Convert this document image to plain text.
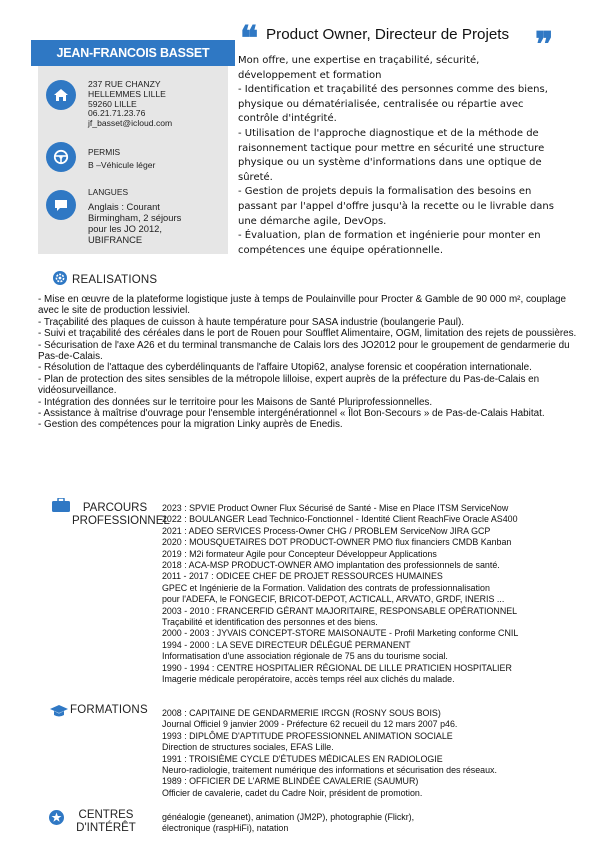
JEAN-FRANCOIS BASSET
237 RUE CHANZY
HELLEMMES LILLE
59260 LILLE
06.21.71.23.76
jf_basset@icloud.com
PERMIS
B –Véhicule léger
LANGUES
Anglais : Courant
Birmingham, 2 séjours
pour les JO 2012,
UBIFRANCE
❝ Product Owner, Directeur de Projets ❞

Mon offre, une expertise en traçabilité, sécurité, développement et formation

- Identification et traçabilité des personnes comme des biens, physique ou dématérialisée, centralisée ou répartie avec contrôle d'intégrité.

- Utilisation de l'approche diagnostique et de la méthode de raisonnement tactique pour mettre en sécurité une structure physique ou un système d'informations dans une optique de sûreté.

- Gestion de projets depuis la formalisation des besoins en passant par l'appel d'offre jusqu'à la recette ou le livrable dans une démarche agile, DevOps.

- Évaluation, plan de formation et ingénierie pour monter en compétences une équipe opérationnelle.

REALISATIONS
- Mise en œuvre de la plateforme logistique juste à temps de Poulainville pour Procter & Gamble de 90 000 m², couplage avec le site de production lessiviel.
- Traçabilité des plaques de cuisson à haute température pour SASA industrie (boulangerie Paul).
- Suivi et traçabilité des céréales dans le port de Rouen pour Soufflet Alimentaire, OGM, limitation des rejets de poussières.
- Sécurisation de l'axe A26 et du terminal transmanche de Calais lors des JO2012 pour le groupement de gendarmerie du Pas-de-Calais.
- Résolution de l'attaque des cyberdélinquants de l'affaire Utopi62, analyse forensic et coopération internationale.
- Plan de protection des sites sensibles de la métropole lilloise, expert auprès de la préfecture du Pas-de-Calais en vidéosurveillance.
- Intégration des données sur le territoire pour les Maisons de Santé Pluriprofessionnelles.
- Assistance à maîtrise d'ouvrage pour l'ensemble intergénérationnel « Îlot Bon-Secours » de Pas-de-Calais Habitat.
- Gestion des compétences pour la migration Linky auprès de Enedis.
PARCOURS
PROFESSIONNEL
2023 : SPVIE Product Owner Flux Sécurisé de Santé - Mise en Place ITSM ServiceNow
2022 : BOULANGER Lead Technico-Fonctionnel - Identité Client ReachFive Oracle AS400
2021 : ADEO SERVICES Process-Owner CHG / PROBLEM ServiceNow JIRA GCP
2020 : MOUSQUETAIRES DOT PRODUCT-OWNER PMO flux financiers CMDB Kanban
2019 : M2i formateur Agile pour Concepteur Développeur Applications
2018 : ACA-MSP PRODUCT-OWNER AMO implantation des professionnels de santé.
2011 - 2017 : ODICEE CHEF DE PROJET RESSOURCES HUMAINES
GPEC et Ingénierie de la Formation. Validation des contrats de professionnalisation
pour l'ADEFA, le FONGECIF, BRICOT-DEPOT, ACTICALL, ARVATO, GRDF, INERIS ...
2003 - 2010 : FRANCERFID GÉRANT MAJORITAIRE, RESPONSABLE OPÉRATIONNEL
Traçabilité et identification des personnes et des biens.
2000 - 2003 : JYVAIS CONCEPT-STORE MAISONAUTE - Profil Marketing conforme CNIL
1994 - 2000 : LA SEVE DIRECTEUR DÉLÉGUÉ PERMANENT
Informatisation d'une association régionale de 75 ans du tourisme social.
1990 - 1994 : CENTRE HOSPITALIER RÉGIONAL DE LILLE PRATICIEN HOSPITALIER
Imagerie médicale peropératoire, accès temps réel aux clichés du malade.
FORMATIONS 2008 : CAPITAINE DE GENDARMERIE IRCGN (ROSNY SOUS BOIS)
Journal Officiel 9 janvier 2009 - Préfecture 62 recueil du 12 mars 2007 p46.
1993 : DIPLÔME D'APTITUDE PROFESSIONNEL ANIMATION SOCIALE
Direction de structures sociales, EFAS Lille.
1991 : TROISIÈME CYCLE D'ÉTUDES MÉDICALES EN RADIOLOGIE
Neuro-radiologie, traitement numérique des informations et sécurisation des réseaux.
1989 : OFFICIER DE L'ARME BLINDÉE CAVALERIE (SAUMUR)
Officier de cavalerie, cadet du Cadre Noir, président de promotion.
CENTRES
D'INTÉRÊT
généalogie (geneanet), animation (JM2P), photographie (Flickr),
électronique (raspHiFi), natation
